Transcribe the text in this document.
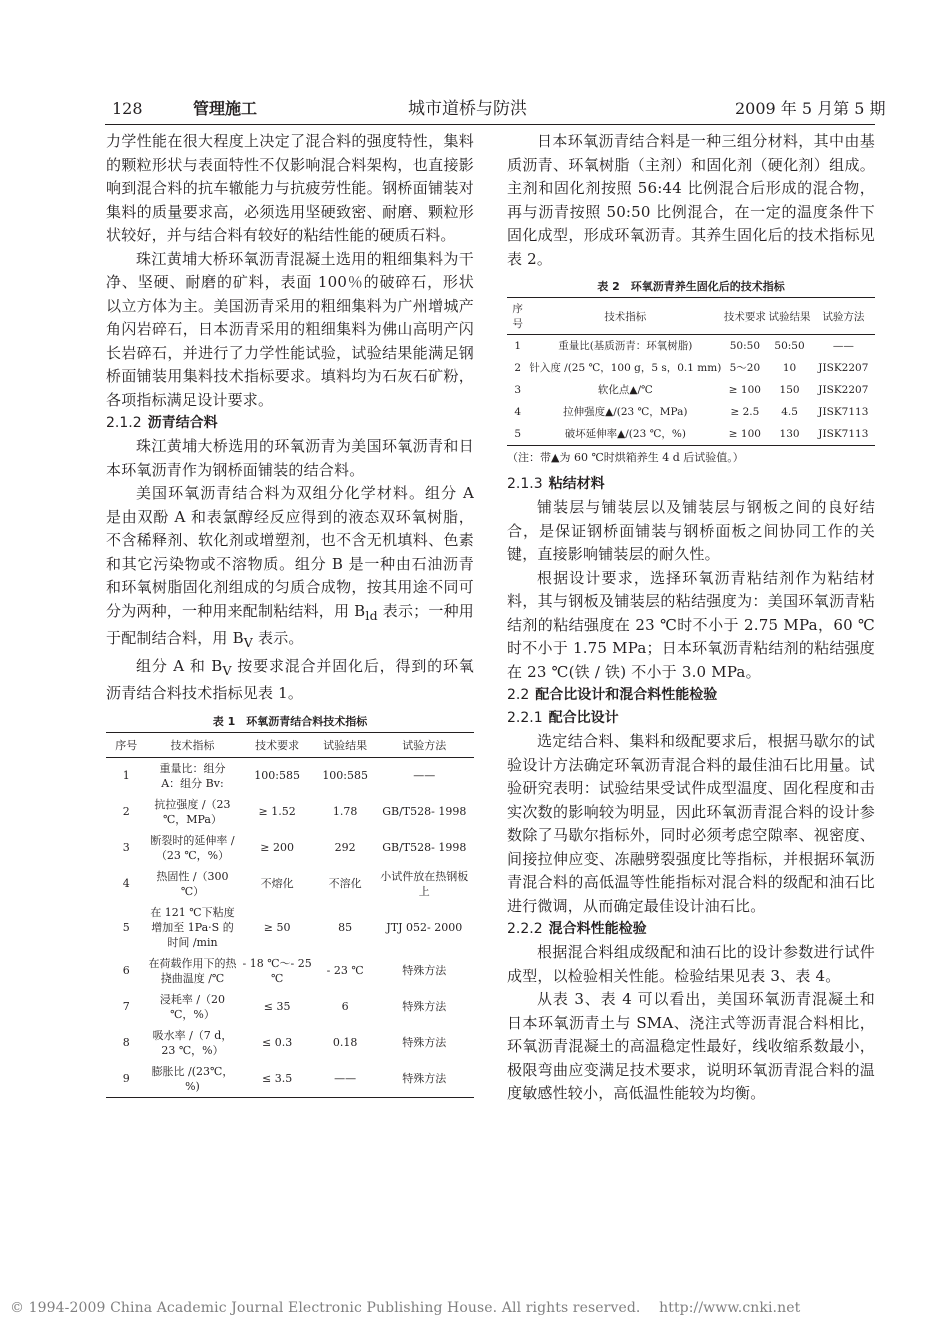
128	管理施工	城市道桥与防洪	2009 年 5 月第 5 期

力学性能在很大程度上决定了混合料的强度特性，集料的颗粒形状与表面特性不仅影响混合料架构，也直接影响到混合料的抗车辙能力与抗疲劳性能。钢桥面铺装对集料的质量要求高，必须选用坚硬致密、耐磨、颗粒形状较好，并与结合料有较好的粘结性能的硬质石料。

珠江黄埔大桥环氧沥青混凝土选用的粗细集料为干净、坚硬、耐磨的矿料，表面 100％的破碎石，形状以立方体为主。美国沥青采用的粗细集料为广州增城产角闪岩碎石，日本沥青采用的粗细集料为佛山高明产闪长岩碎石，并进行了力学性能试验，试验结果能满足钢桥面铺装用集料技术指标要求。填料均为石灰石矿粉，各项指标满足设计要求。

2.1.2 沥青结合料

珠江黄埔大桥选用的环氧沥青为美国环氧沥青和日本环氧沥青作为钢桥面铺装的结合料。

美国环氧沥青结合料为双组分化学材料。组分 A 是由双酚 A 和表氯醇经反应得到的液态双环氧树脂，不含稀释剂、软化剂或增塑剂，也不含无机填料、色素和其它污染物或不溶物质。组分 B 是一种由石油沥青和环氧树脂固化剂组成的匀质合成物，按其用途不同可分为两种，一种用来配制粘结料，用 $B_{ld}$ 表示；一种用于配制结合料，用 $B_V$ 表示。

组分 A 和 $B_V$ 按要求混合并固化后，得到的环氧沥青结合料技术指标见表 1。

表 1　环氧沥青结合料技术指标
序号	技术指标	技术要求	试验结果	试验方法
1	重量比：组分 A：组分 Bv:	100:585	100:585	——
2	抗拉强度 /（23 ℃，MPa）	≥ 1.52	1.78	GB/T528- 1998
3	断裂时的延伸率 /（23 ℃，%）	≥ 200	292	GB/T528- 1998
4	热固性 /（300 ℃）	不熔化	不溶化	小试件放在热钢板上
5	在 121 ℃下粘度增加至 1Pa·S 的时间 /min	≥ 50	85	JTJ 052- 2000
6	在荷载作用下的热挠曲温度 /℃	- 18 ℃～- 25 ℃	- 23 ℃	特殊方法
7	浸耗率 /（20 ℃，%）	≤ 35	6	特殊方法
8	吸水率 /（7 d，23 ℃，%）	≤ 0.3	0.18	特殊方法
9	膨胀比 /(23℃，%)	≤ 3.5	——	特殊方法

日本环氧沥青结合料是一种三组分材料，其中由基质沥青、环氧树脂（主剂）和固化剂（硬化剂）组成。主剂和固化剂按照 56:44 比例混合后形成的混合物，再与沥青按照 50:50 比例混合，在一定的温度条件下固化成型，形成环氧沥青。其养生固化后的技术指标见表 2。

表 2　环氧沥青养生固化后的技术指标
序号	技术指标	技术要求	试验结果	试验方法
1	重量比(基质沥青：环氧树脂)	50:50	50:50	——
2	针入度 /(25 ℃，100 g，5 s，0.1 mm)	5～20	10	JISK2207
3	软化点▲/℃	≥ 100	150	JISK2207
4	拉伸强度▲/(23 ℃，MPa)	≥ 2.5	4.5	JISK7113
5	破坏延伸率▲/(23 ℃，%)	≥ 100	130	JISK7113
（注：带▲为 60 ℃时烘箱养生 4 d 后试验值。）

2.1.3 粘结材料

铺装层与铺装层以及铺装层与钢板之间的良好结合，是保证钢桥面铺装与钢桥面板之间协同工作的关键，直接影响铺装层的耐久性。

根据设计要求，选择环氧沥青粘结剂作为粘结材料，其与钢板及铺装层的粘结强度为：美国环氧沥青粘结剂的粘结强度在 23 ℃时不小于 2.75 MPa，60 ℃时不小于 1.75 MPa；日本环氧沥青粘结剂的粘结强度在 23 ℃(铁 / 铁) 不小于 3.0 MPa。

2.2 配合比设计和混合料性能检验

2.2.1 配合比设计

选定结合料、集料和级配要求后，根据马歇尔的试验设计方法确定环氧沥青混合料的最佳油石比用量。试验研究表明：试验结果受试件成型温度、固化程度和击实次数的影响较为明显，因此环氧沥青混合料的设计参数除了马歇尔指标外，同时必须考虑空隙率、视密度、间接拉伸应变、冻融劈裂强度比等指标，并根据环氧沥青混合料的高低温等性能指标对混合料的级配和油石比进行微调，从而确定最佳设计油石比。

2.2.2 混合料性能检验

根据混合料组成级配和油石比的设计参数进行试件成型，以检验相关性能。检验结果见表 3、表 4。

从表 3、表 4 可以看出，美国环氧沥青混凝土和日本环氧沥青土与 SMA、浇注式等沥青混合料相比，环氧沥青混凝土的高温稳定性最好，线收缩系数最小，极限弯曲应变满足技术要求，说明环氧沥青混合料的温度敏感性较小，高低温性能较为均衡。

© 1994-2009 China Academic Journal Electronic Publishing House. All rights reserved.　 http://www.cnki.net
